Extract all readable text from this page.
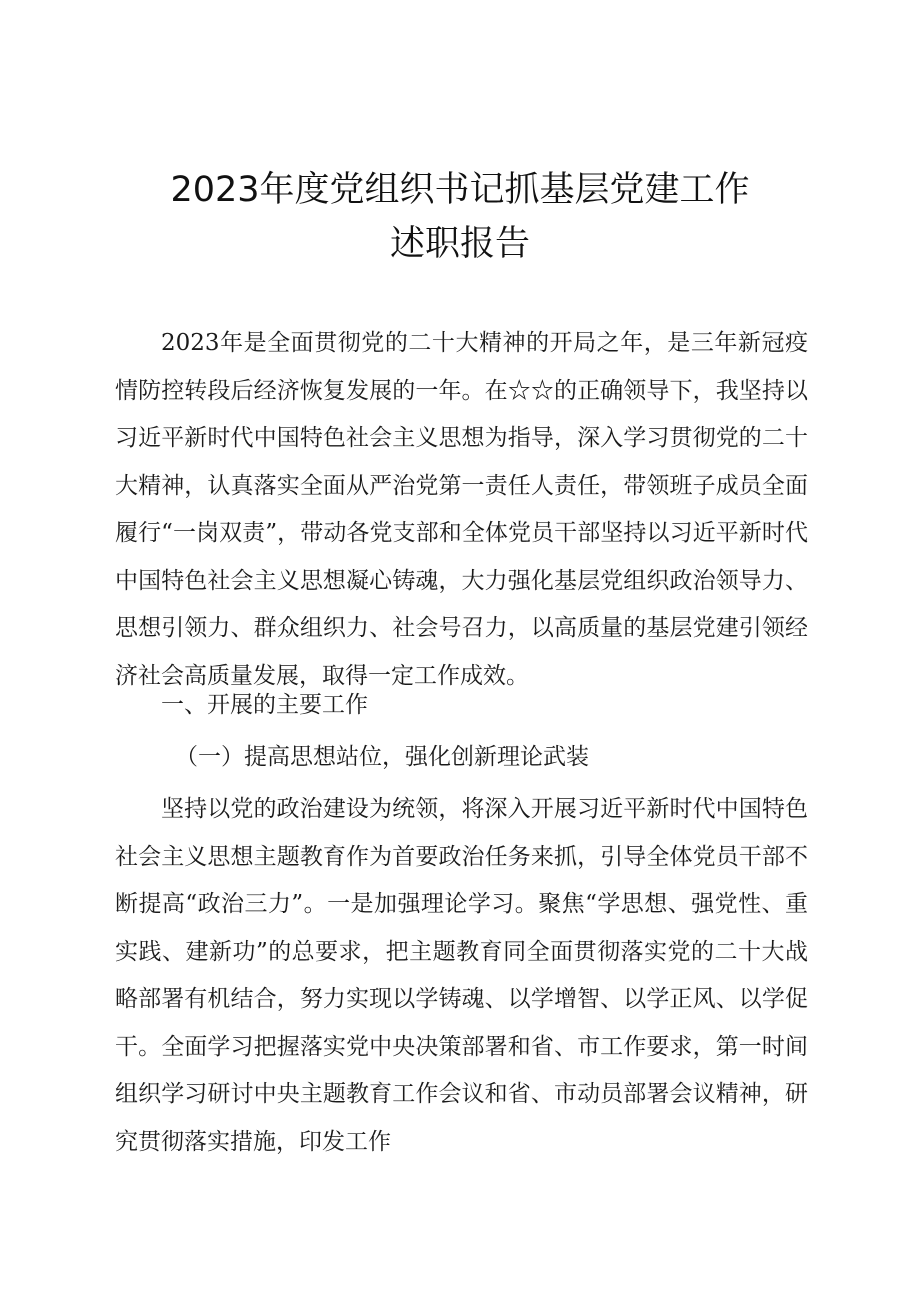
2023年度党组织书记抓基层党建工作
述职报告

2023年是全面贯彻党的二十大精神的开局之年，是三年新冠疫情防控转段后经济恢复发展的一年。在☆☆的正确领导下，我坚持以习近平新时代中国特色社会主义思想为指导，深入学习贯彻党的二十大精神，认真落实全面从严治党第一责任人责任，带领班子成员全面履行“一岗双责”，带动各党支部和全体党员干部坚持以习近平新时代中国特色社会主义思想凝心铸魂，大力强化基层党组织政治领导力、思想引领力、群众组织力、社会号召力，以高质量的基层党建引领经济社会高质量发展，取得一定工作成效。

一、开展的主要工作
（一）提高思想站位，强化创新理论武装

坚持以党的政治建设为统领，将深入开展习近平新时代中国特色社会主义思想主题教育作为首要政治任务来抓，引导全体党员干部不断提高“政治三力”。一是加强理论学习。聚焦“学思想、强党性、重实践、建新功”的总要求，把主题教育同全面贯彻落实党的二十大战略部署有机结合，努力实现以学铸魂、以学增智、以学正风、以学促干。全面学习把握落实党中央决策部署和省、市工作要求，第一时间组织学习研讨中央主题教育工作会议和省、市动员部署会议精神，研究贯彻落实措施，印发工作
